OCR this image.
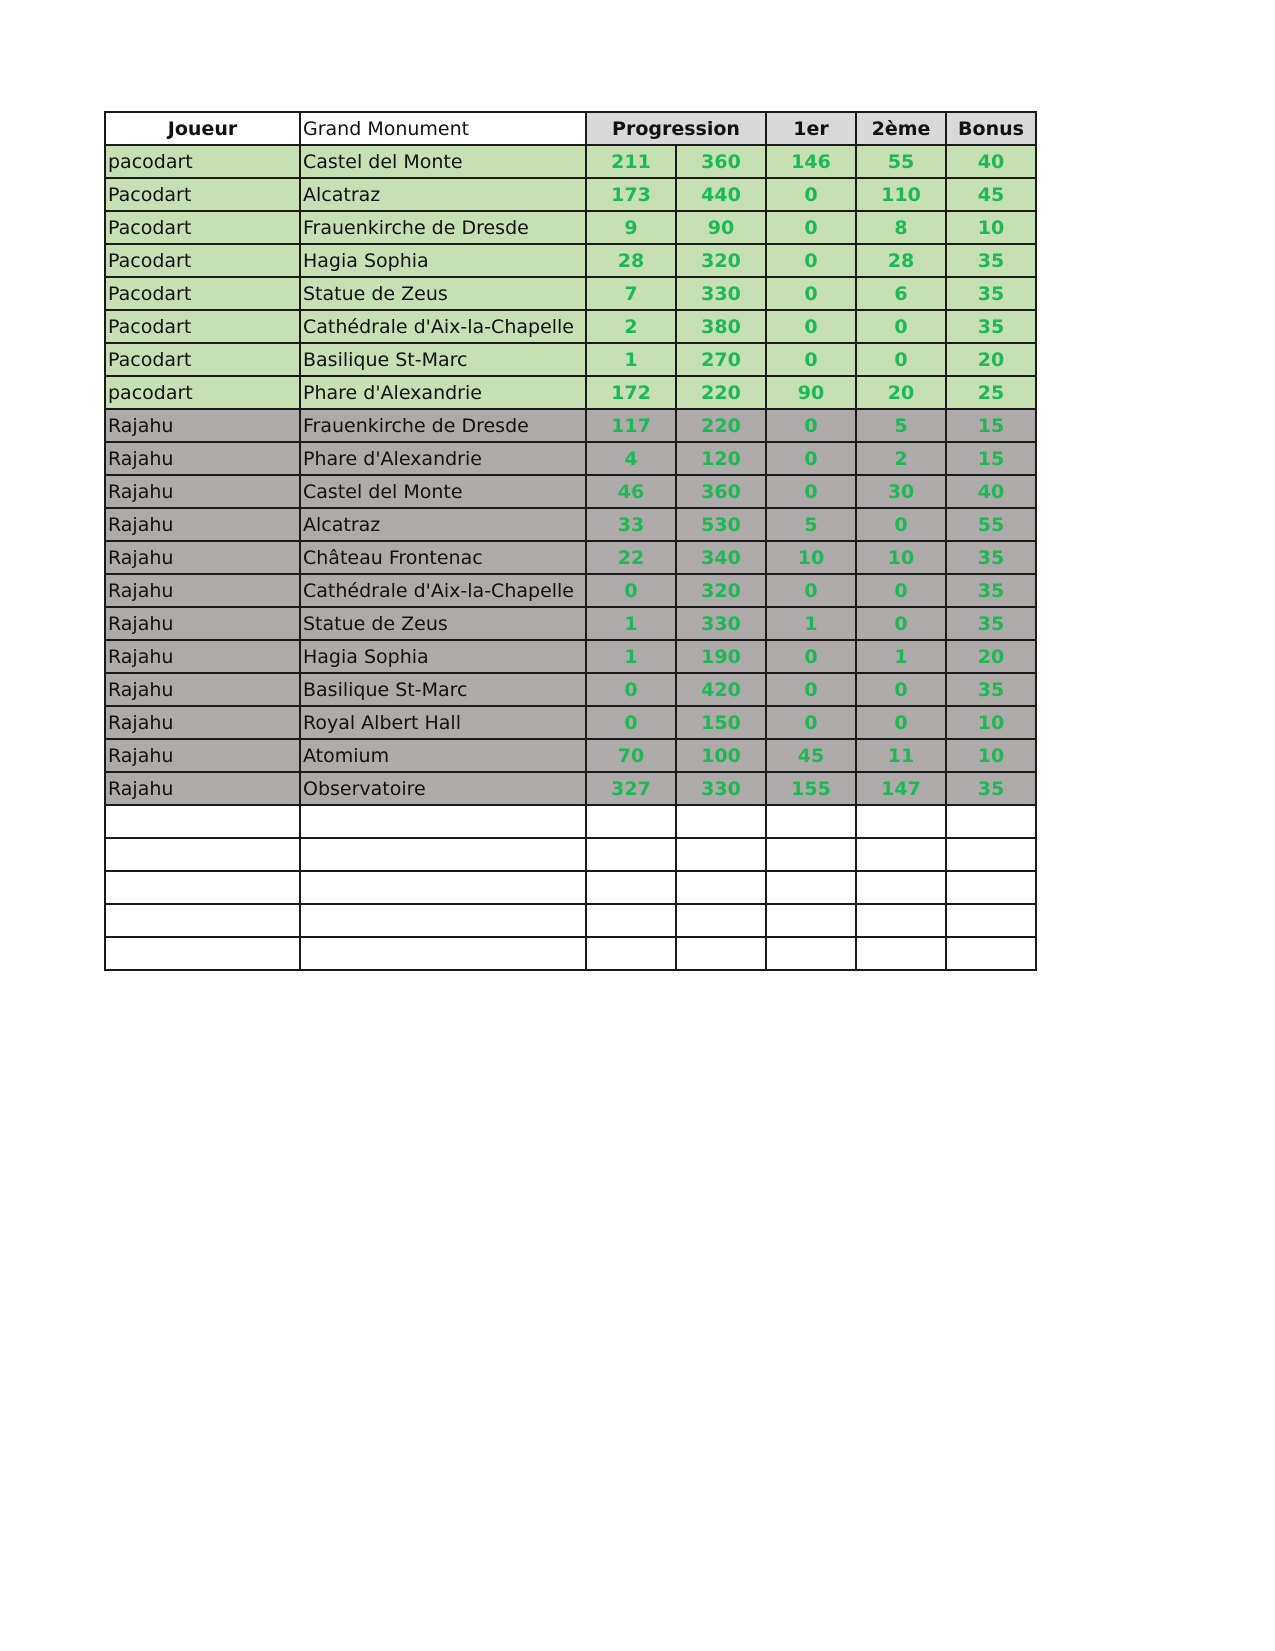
Joueur	Grand Monument	Progression		1er	2ème	Bonus
pacodart	Castel del Monte	211	360	146	55	40
Pacodart	Alcatraz	173	440	0	110	45
Pacodart	Frauenkirche de Dresde	9	90	0	8	10
Pacodart	Hagia Sophia	28	320	0	28	35
Pacodart	Statue de Zeus	7	330	0	6	35
Pacodart	Cathédrale d'Aix-la-Chapelle	2	380	0	0	35
Pacodart	Basilique St-Marc	1	270	0	0	20
pacodart	Phare d'Alexandrie	172	220	90	20	25
Rajahu	Frauenkirche de Dresde	117	220	0	5	15
Rajahu	Phare d'Alexandrie	4	120	0	2	15
Rajahu	Castel del Monte	46	360	0	30	40
Rajahu	Alcatraz	33	530	5	0	55
Rajahu	Château Frontenac	22	340	10	10	35
Rajahu	Cathédrale d'Aix-la-Chapelle	0	320	0	0	35
Rajahu	Statue de Zeus	1	330	1	0	35
Rajahu	Hagia Sophia	1	190	0	1	20
Rajahu	Basilique St-Marc	0	420	0	0	35
Rajahu	Royal Albert Hall	0	150	0	0	10
Rajahu	Atomium	70	100	45	11	10
Rajahu	Observatoire	327	330	155	147	35
